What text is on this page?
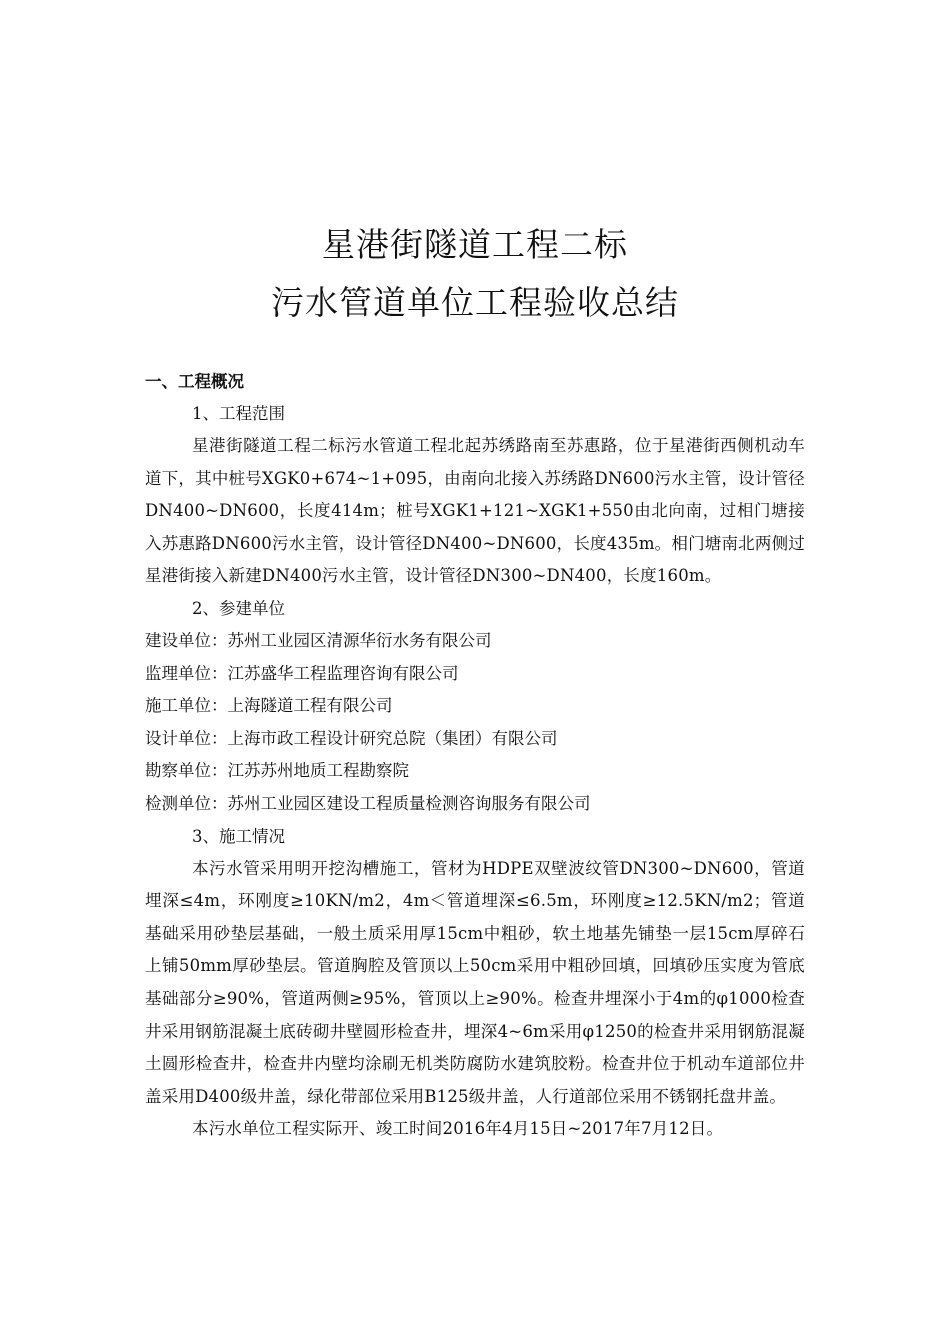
星港街隧道工程二标
污水管道单位工程验收总结

一、工程概况

1、工程范围

星港街隧道工程二标污水管道工程北起苏绣路南至苏惠路，位于星港街西侧机动车道下，其中桩号XGK0+674~1+095，由南向北接入苏绣路DN600污水主管，设计管径DN400~DN600，长度414m；桩号XGK1+121~XGK1+550由北向南，过相门塘接入苏惠路DN600污水主管，设计管径DN400~DN600，长度435m。相门塘南北两侧过星港街接入新建DN400污水主管，设计管径DN300~DN400，长度160m。

2、参建单位

建设单位：苏州工业园区清源华衍水务有限公司

监理单位：江苏盛华工程监理咨询有限公司

施工单位：上海隧道工程有限公司

设计单位：上海市政工程设计研究总院（集团）有限公司

勘察单位：江苏苏州地质工程勘察院

检测单位：苏州工业园区建设工程质量检测咨询服务有限公司

3、施工情况

本污水管采用明开挖沟槽施工，管材为HDPE双壁波纹管DN300~DN600，管道埋深≤4m，环刚度≥10KN/m2，4m＜管道埋深≤6.5m，环刚度≥12.5KN/m2；管道基础采用砂垫层基础，一般土质采用厚15cm中粗砂，软土地基先铺垫一层15cm厚碎石上铺50mm厚砂垫层。管道胸腔及管顶以上50cm采用中粗砂回填，回填砂压实度为管底基础部分≥90%，管道两侧≥95%，管顶以上≥90%。检查井埋深小于4m的φ1000检查井采用钢筋混凝土底砖砌井壁圆形检查井，埋深4~6m采用φ1250的检查井采用钢筋混凝土圆形检查井，检查井内壁均涂刷无机类防腐防水建筑胶粉。检查井位于机动车道部位井盖采用D400级井盖，绿化带部位采用B125级井盖，人行道部位采用不锈钢托盘井盖。

本污水单位工程实际开、竣工时间2016年4月15日~2017年7月12日。
